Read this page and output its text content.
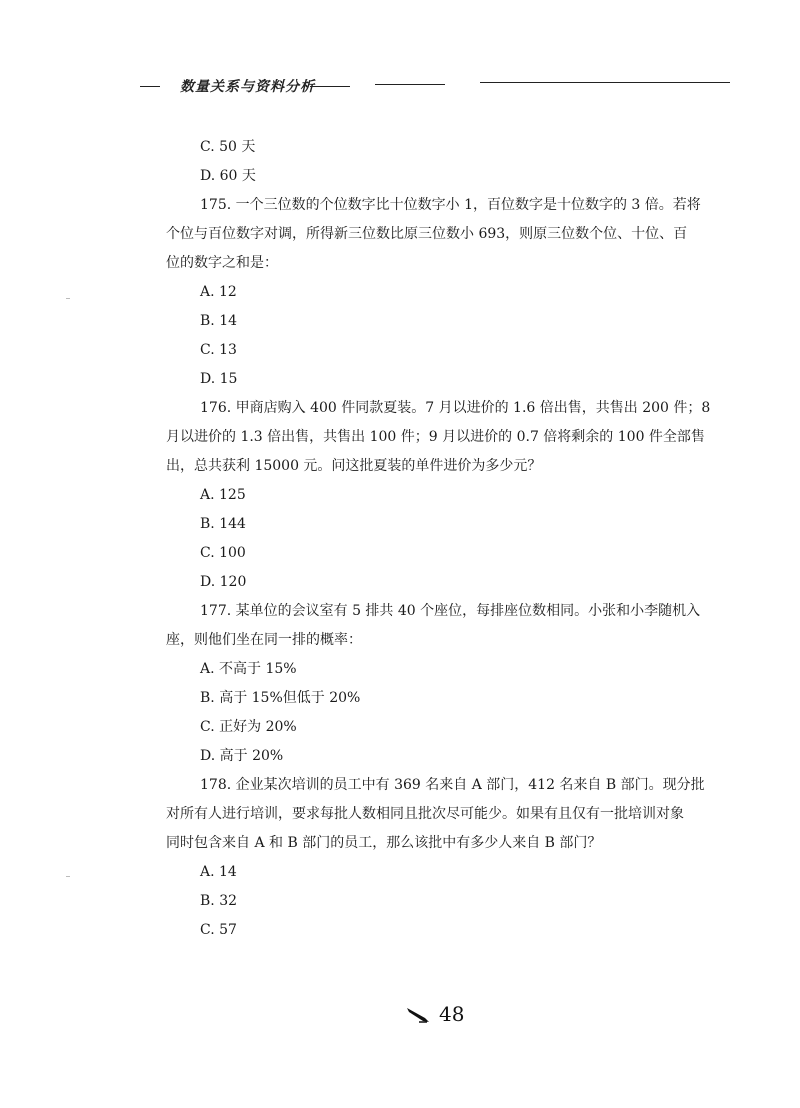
数量关系与资料分析
C. 50 天
D. 60 天
175. 一个三位数的个位数字比十位数字小 1，百位数字是十位数字的 3 倍。若将
个位与百位数字对调，所得新三位数比原三位数小 693，则原三位数个位、十位、百
位的数字之和是：
A. 12
B. 14
C. 13
D. 15
176. 甲商店购入 400 件同款夏装。7 月以进价的 1.6 倍出售，共售出 200 件；8
月以进价的 1.3 倍出售，共售出 100 件；9 月以进价的 0.7 倍将剩余的 100 件全部售
出，总共获利 15000 元。问这批夏装的单件进价为多少元？
A. 125
B. 144
C. 100
D. 120
177. 某单位的会议室有 5 排共 40 个座位，每排座位数相同。小张和小李随机入
座，则他们坐在同一排的概率：
A. 不高于 15%
B. 高于 15%但低于 20%
C. 正好为 20%
D. 高于 20%
178. 企业某次培训的员工中有 369 名来自 A 部门，412 名来自 B 部门。现分批
对所有人进行培训，要求每批人数相同且批次尽可能少。如果有且仅有一批培训对象
同时包含来自 A 和 B 部门的员工，那么该批中有多少人来自 B 部门？
A. 14
B. 32
C. 57
48
